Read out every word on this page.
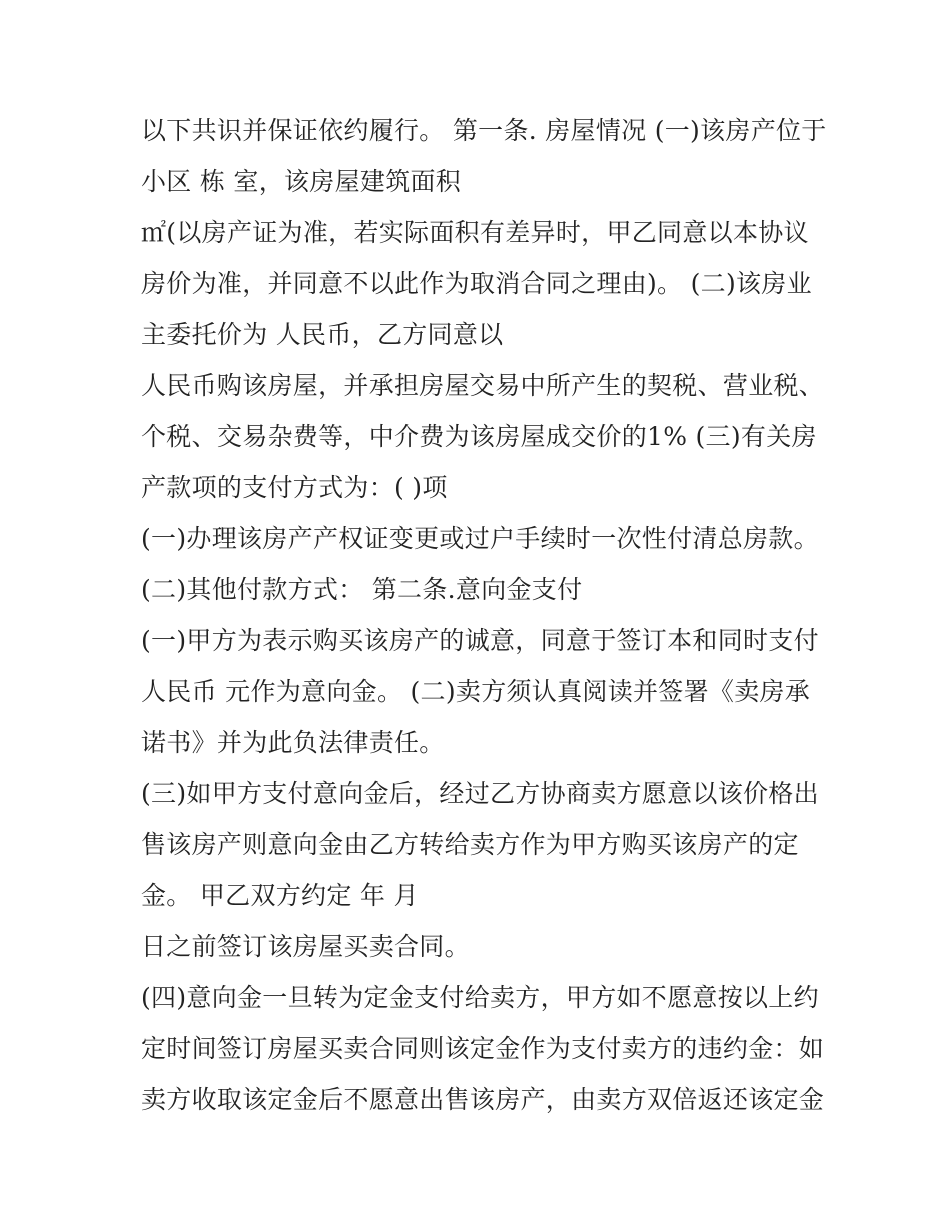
以下共识并保证依约履行。 第一条. 房屋情况 (一)该房产位于
小区 栋 室，该房屋建筑面积
㎡(以房产证为准，若实际面积有差异时，甲乙同意以本协议
房价为准，并同意不以此作为取消合同之理由)。 (二)该房业
主委托价为 人民币，乙方同意以
人民币购该房屋，并承担房屋交易中所产生的契税、营业税、
个税、交易杂费等，中介费为该房屋成交价的1% (三)有关房
产款项的支付方式为：( )项
(一)办理该房产产权证变更或过户手续时一次性付清总房款。
(二)其他付款方式： 第二条.意向金支付
(一)甲方为表示购买该房产的诚意，同意于签订本和同时支付
人民币 元作为意向金。 (二)卖方须认真阅读并签署《卖房承
诺书》并为此负法律责任。
(三)如甲方支付意向金后，经过乙方协商卖方愿意以该价格出
售该房产则意向金由乙方转给卖方作为甲方购买该房产的定
金。 甲乙双方约定 年 月
日之前签订该房屋买卖合同。
(四)意向金一旦转为定金支付给卖方，甲方如不愿意按以上约
定时间签订房屋买卖合同则该定金作为支付卖方的违约金：如
卖方收取该定金后不愿意出售该房产，由卖方双倍返还该定金
